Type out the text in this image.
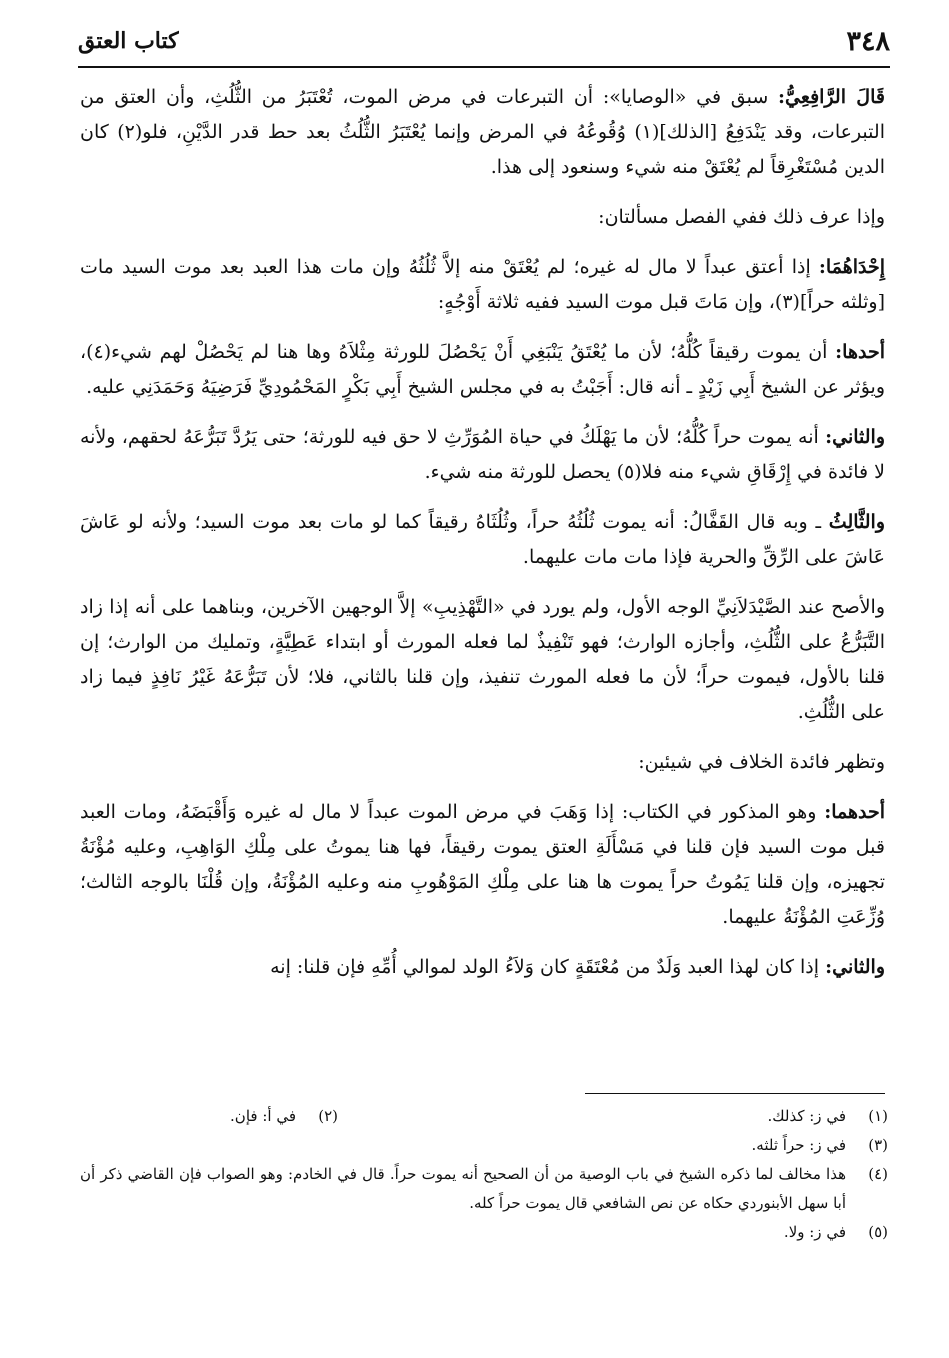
٣٤٨
كتاب العتق

قَالَ الرَّافِعِيُّ: سبق في «الوصايا»: أن التبرعات في مرض الموت، تُعْتَبَرُ من الثُّلُثِ، وأن العتق من التبرعات، وقد يَنْدَفِعُ [الذلك](١) وُقُوعُهُ في المرض وإنما يُعْتَبَرُ الثُّلُثُ بعد حط قدر الدَّيْنِ، فلو(٢) كان الدين مُسْتَغْرِقاً لم يُعْتَقْ منه شيء وسنعود إلى هذا.

وإذا عرف ذلك ففي الفصل مسألتان:

إِحْدَاهُمَا: إذا أعتق عبداً لا مال له غيره؛ لم يُعْتَقْ منه إلاَّ ثُلُثُهُ وإن مات هذا العبد بعد موت السيد مات [وثلثه حراً](٣)، وإن مَاتَ قبل موت السيد ففيه ثلاثة أَوْجُهٍ:

أحدها: أن يموت رقيقاً كُلُّهُ؛ لأن ما يُعْتَقُ يَنْبَغِي أَنْ يَحْصُلَ للورثة مِثْلاَهُ وها هنا لم يَحْصُلْ لهم شيء(٤)، ويؤثر عن الشيخ أَبِي زَيْدٍ ـ أنه قال: أَجَبْتُ به في مجلس الشيخ أَبِي بَكْرٍ المَحْمُودِيِّ فَرَضِيَهُ وَحَمَدَنِي عليه.

والثاني: أنه يموت حراً كُلُّهُ؛ لأن ما يَهْلَكُ في حياة المُوَرِّثِ لا حق فيه للورثة؛ حتى يَرُدَّ تَبَرُّعَهُ لحقهم، ولأنه لا فائدة في إِرْقَاقِ شيء منه فلا(٥) يحصل للورثة منه شيء.

والثَّالِثُ ـ وبه قال القَفَّالُ: أنه يموت ثُلُثُهُ حراً، وثُلُثَاهُ رقيقاً كما لو مات بعد موت السيد؛ ولأنه لو عَاشَ عَاشَ على الرِّقِّ والحرية فإذا مات مات عليهما.

والأصح عند الصَّيْدَلاَنِيِّ الوجه الأول، ولم يورد في «التَّهْذِيبِ» إلاَّ الوجهين الآخرين، وبناهما على أنه إذا زاد التَّبَرُّعُ على الثُّلُثِ، وأجازه الوارث؛ فهو تَنْفِيذٌ لما فعله المورث أو ابتداء عَطِيَّةٍ، وتمليك من الوارث؛ إن قلنا بالأول، فيموت حراً؛ لأن ما فعله المورث تنفيذ، وإن قلنا بالثاني، فلا؛ لأن تَبَرُّعَهُ غَيْرُ نَافِذٍ فيما زاد على الثُّلُثِ.

وتظهر فائدة الخلاف في شيئين:

أحدهما: وهو المذكور في الكتاب: إذا وَهَبَ في مرض الموت عبداً لا مال له غيره وَأَقْبَضَهُ، ومات العبد قبل موت السيد فإن قلنا في مَسْأَلَةِ العتق يموت رقيقاً، فها هنا يموتُ على مِلْكِ الوَاهِبِ، وعليه مُؤْنَةُ تجهيزه، وإن قلنا يَمُوتُ حراً يموت ها هنا على مِلْكِ المَوْهُوبِ منه وعليه المُؤْنَةُ، وإن قُلْنَا بالوجه الثالث؛ وُزِّعَتِ المُؤْنَةُ عليهما.

والثاني: إذا كان لهذا العبد وَلَدٌ من مُعْتَقَةٍ كان وَلاَءُ الولد لموالي أُمِّهِ فإن قلنا: إنه

(١)
في ز: كذلك.
(٢)
في أ: فإن.
(٣)
في ز: حراً ثلثه.
(٤)
هذا مخالف لما ذكره الشيخ في باب الوصية من أن الصحيح أنه يموت حراً. قال في الخادم: وهو الصواب فإن القاضي ذكر أن أبا سهل الأبنوردي حكاه عن نص الشافعي قال يموت حراً كله.
(٥)
في ز: ولا.
